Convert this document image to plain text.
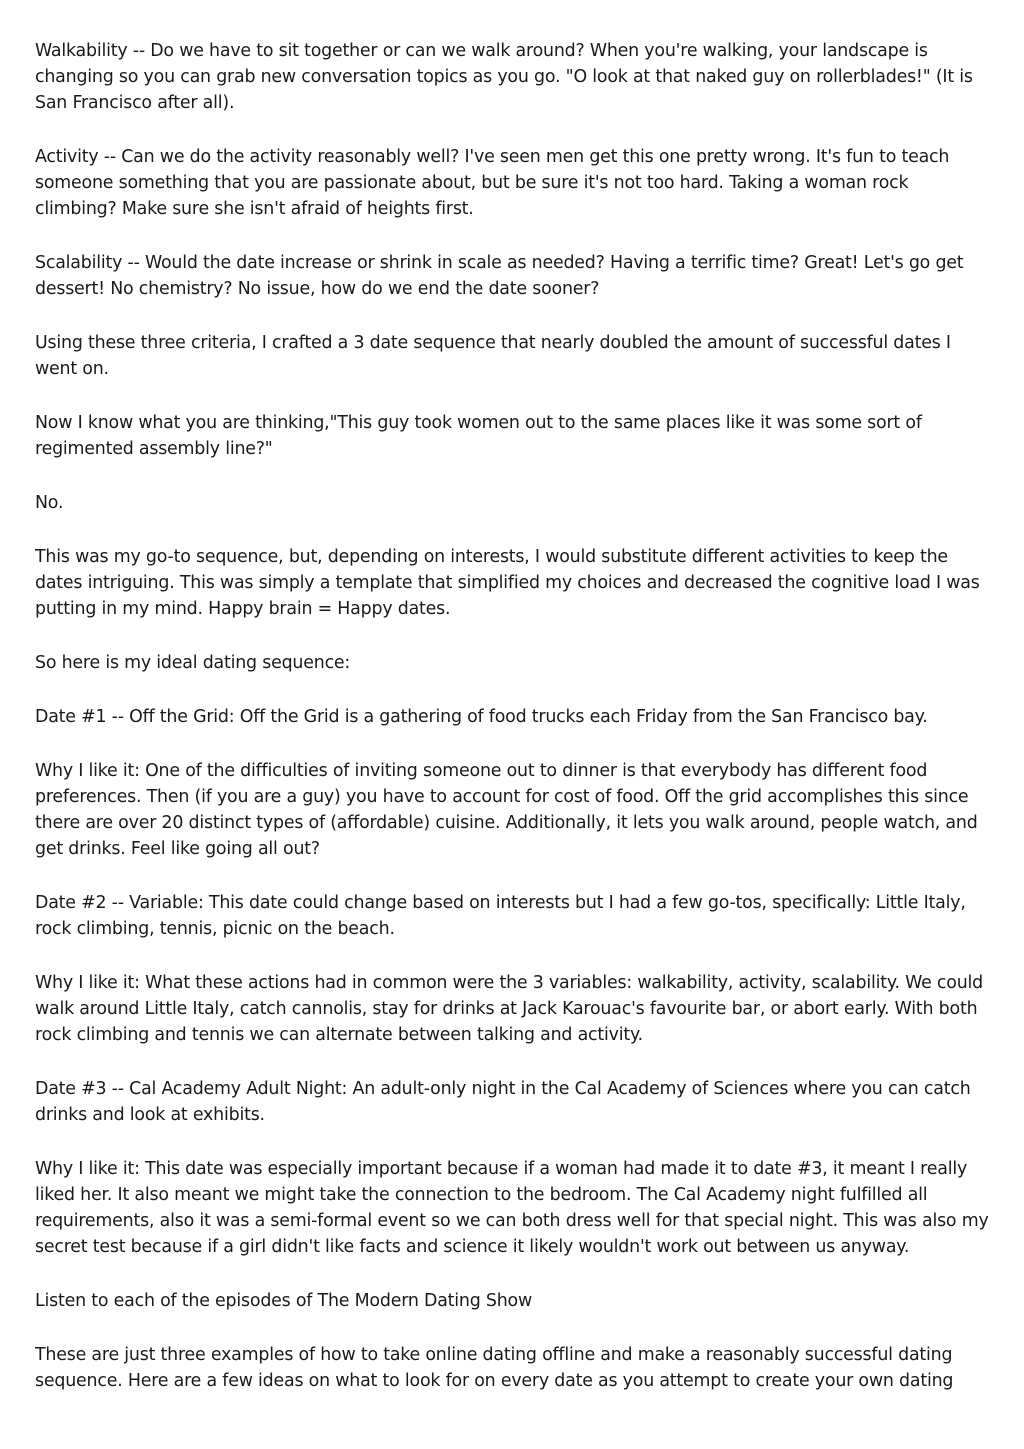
Walkability -- Do we have to sit together or can we walk around? When you're walking, your landscape is changing so you can grab new conversation topics as you go. "O look at that naked guy on rollerblades!" (It is San Francisco after all).

Activity -- Can we do the activity reasonably well? I've seen men get this one pretty wrong. It's fun to teach someone something that you are passionate about, but be sure it's not too hard. Taking a woman rock climbing? Make sure she isn't afraid of heights first.

Scalability -- Would the date increase or shrink in scale as needed? Having a terrific time? Great! Let's go get dessert! No chemistry? No issue, how do we end the date sooner?

Using these three criteria, I crafted a 3 date sequence that nearly doubled the amount of successful dates I went on.

Now I know what you are thinking,"This guy took women out to the same places like it was some sort of regimented assembly line?"

No.

This was my go-to sequence, but, depending on interests, I would substitute different activities to keep the dates intriguing. This was simply a template that simplified my choices and decreased the cognitive load I was putting in my mind. Happy brain = Happy dates.

So here is my ideal dating sequence:

Date #1 -- Off the Grid: Off the Grid is a gathering of food trucks each Friday from the San Francisco bay.

Why I like it: One of the difficulties of inviting someone out to dinner is that everybody has different food preferences. Then (if you are a guy) you have to account for cost of food. Off the grid accomplishes this since there are over 20 distinct types of (affordable) cuisine. Additionally, it lets you walk around, people watch, and get drinks. Feel like going all out?

Date #2 -- Variable: This date could change based on interests but I had a few go-tos, specifically: Little Italy, rock climbing, tennis, picnic on the beach.

Why I like it: What these actions had in common were the 3 variables: walkability, activity, scalability. We could walk around Little Italy, catch cannolis, stay for drinks at Jack Karouac's favourite bar, or abort early. With both rock climbing and tennis we can alternate between talking and activity.

Date #3 -- Cal Academy Adult Night: An adult-only night in the Cal Academy of Sciences where you can catch drinks and look at exhibits.

Why I like it: This date was especially important because if a woman had made it to date #3, it meant I really liked her. It also meant we might take the connection to the bedroom. The Cal Academy night fulfilled all requirements, also it was a semi-formal event so we can both dress well for that special night. This was also my secret test because if a girl didn't like facts and science it likely wouldn't work out between us anyway.

Listen to each of the episodes of The Modern Dating Show

These are just three examples of how to take online dating offline and make a reasonably successful dating sequence. Here are a few ideas on what to look for on every date as you attempt to create your own dating
